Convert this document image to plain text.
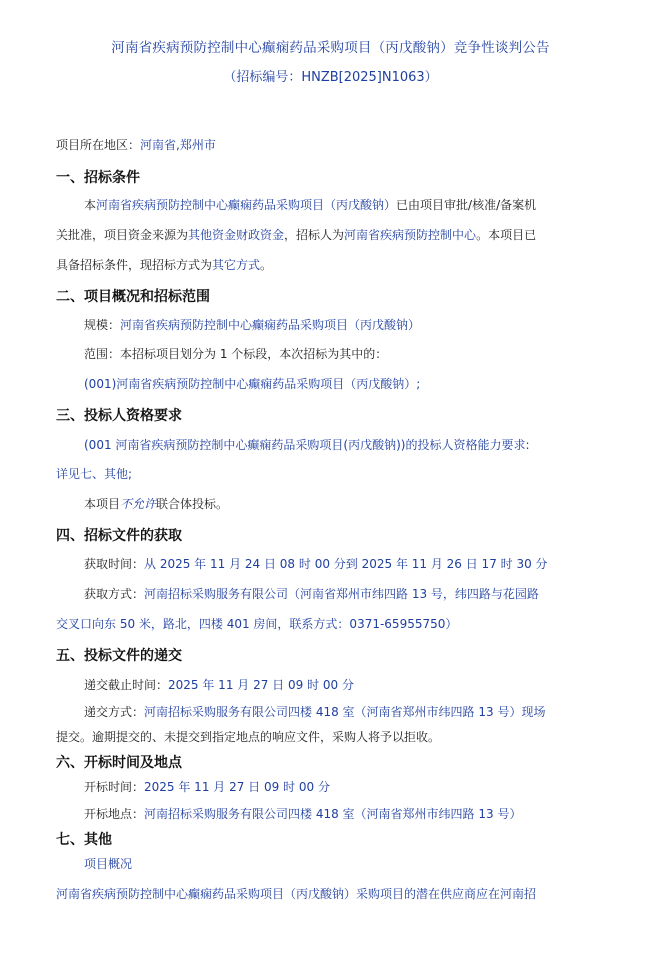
河南省疾病预防控制中心癫痫药品采购项目（丙戊酸钠）竞争性谈判公告
（招标编号：HNZB[2025]N1063）
项目所在地区：河南省,郑州市
一、招标条件
本河南省疾病预防控制中心癫痫药品采购项目（丙戊酸钠）已由项目审批/核准/备案机
关批准，项目资金来源为其他资金财政资金，招标人为河南省疾病预防控制中心。本项目已
具备招标条件，现招标方式为其它方式。
二、项目概况和招标范围
规模：河南省疾病预防控制中心癫痫药品采购项目（丙戊酸钠）
范围：本招标项目划分为 1 个标段，本次招标为其中的：
(001)河南省疾病预防控制中心癫痫药品采购项目（丙戊酸钠）;
三、投标人资格要求
(001 河南省疾病预防控制中心癫痫药品采购项目(丙戊酸钠))的投标人资格能力要求:
详见七、其他;
本项目不允许联合体投标。
四、招标文件的获取
获取时间：从 2025 年 11 月 24 日 08 时 00 分到 2025 年 11 月 26 日 17 时 30 分
获取方式：河南招标采购服务有限公司（河南省郑州市纬四路 13 号，纬四路与花园路
交叉口向东 50 米，路北，四楼 401 房间，联系方式：0371-65955750）
五、投标文件的递交
递交截止时间：2025 年 11 月 27 日 09 时 00 分
递交方式：河南招标采购服务有限公司四楼 418 室（河南省郑州市纬四路 13 号）现场
提交。逾期提交的、未提交到指定地点的响应文件，采购人将予以拒收。
六、开标时间及地点
开标时间：2025 年 11 月 27 日 09 时 00 分
开标地点：河南招标采购服务有限公司四楼 418 室（河南省郑州市纬四路 13 号）
七、其他
项目概况
河南省疾病预防控制中心癫痫药品采购项目（丙戊酸钠）采购项目的潜在供应商应在河南招
